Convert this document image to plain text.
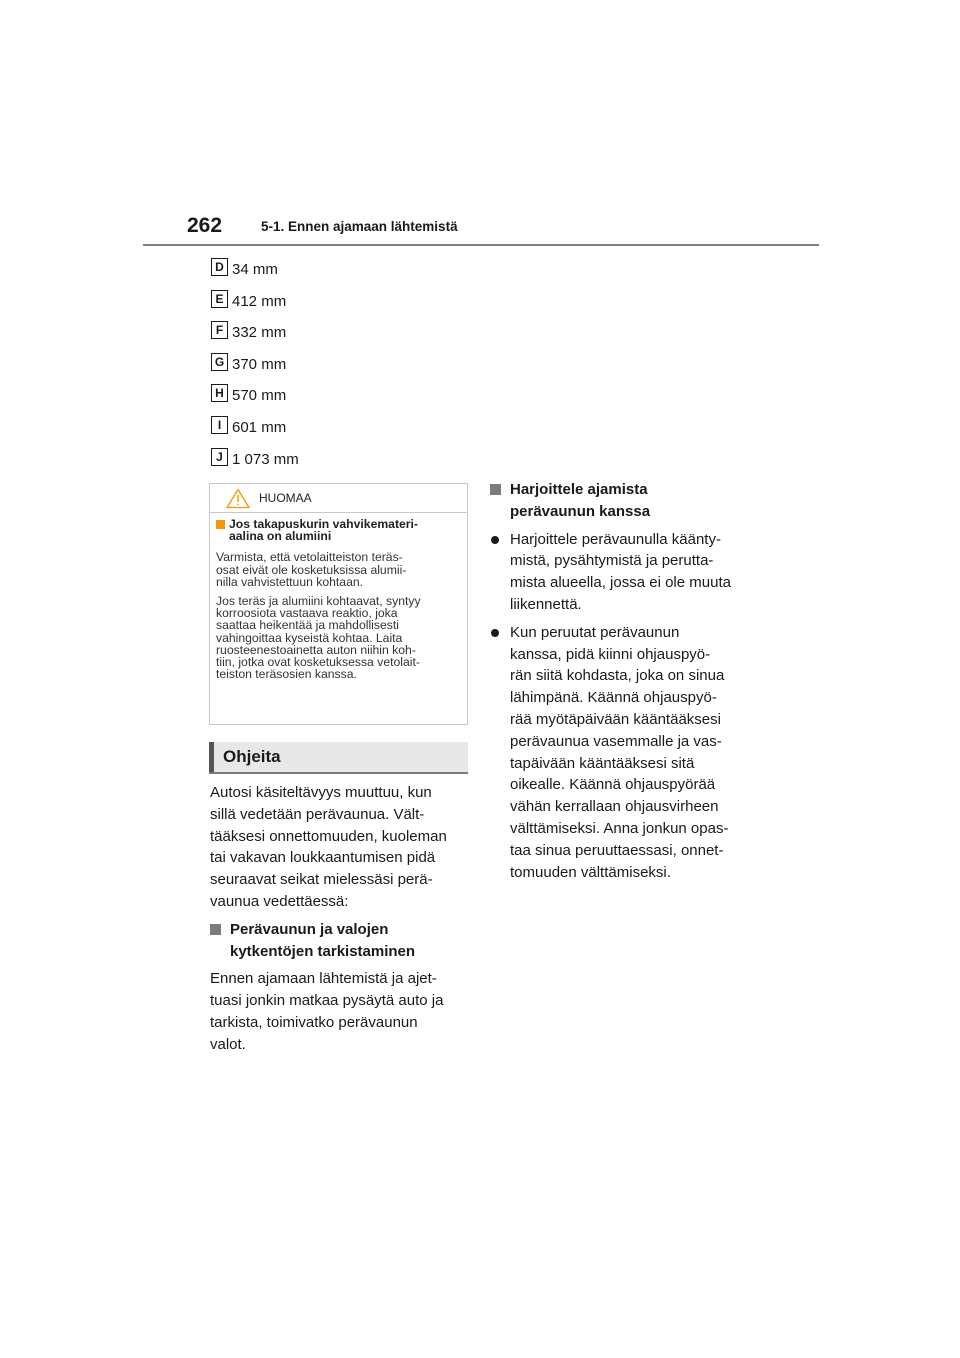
262	5-1. Ennen ajamaan lähtemistä
D 34 mm
E 412 mm
F 332 mm
G 370 mm
H 570 mm
I 601 mm
J 1 073 mm
HUOMAA
Jos takapuskurin vahvikemateri-
aalina on alumiini
Varmista, että vetolaitteiston teräs-
osat eivät ole kosketuksissa alumii-
nilla vahvistettuun kohtaan.
Jos teräs ja alumiini kohtaavat, syntyy
korroosiota vastaava reaktio, joka
saattaa heikentää ja mahdollisesti
vahingoittaa kyseistä kohtaa. Laita
ruosteenestoainetta auton niihin koh-
tiin, jotka ovat kosketuksessa vetolait-
teiston teräsosien kanssa.
Ohjeita
Autosi käsiteltävyys muuttuu, kun
sillä vedetään perävaunua. Vält-
tääksesi onnettomuuden, kuoleman
tai vakavan loukkaantumisen pidä
seuraavat seikat mielessäsi perä-
vaunua vedettäessä:
Perävaunun ja valojen
kytkentöjen tarkistaminen
Ennen ajamaan lähtemistä ja ajet-
tuasi jonkin matkaa pysäytä auto ja
tarkista, toimivatko perävaunun
valot.
Harjoittele ajamista
perävaunun kanssa
Harjoittele perävaunulla käänty-
mistä, pysähtymistä ja perutta-
mista alueella, jossa ei ole muuta
liikennettä.
Kun peruutat perävaunun
kanssa, pidä kiinni ohjauspyö-
rän siitä kohdasta, joka on sinua
lähimpänä. Käännä ohjauspyö-
rää myötäpäivään kääntääksesi
perävaunua vasemmalle ja vas-
tapäivään kääntääksesi sitä
oikealle. Käännä ohjauspyörää
vähän kerrallaan ohjausvirheen
välttämiseksi. Anna jonkun opas-
taa sinua peruuttaessasi, onnet-
tomuuden välttämiseksi.
